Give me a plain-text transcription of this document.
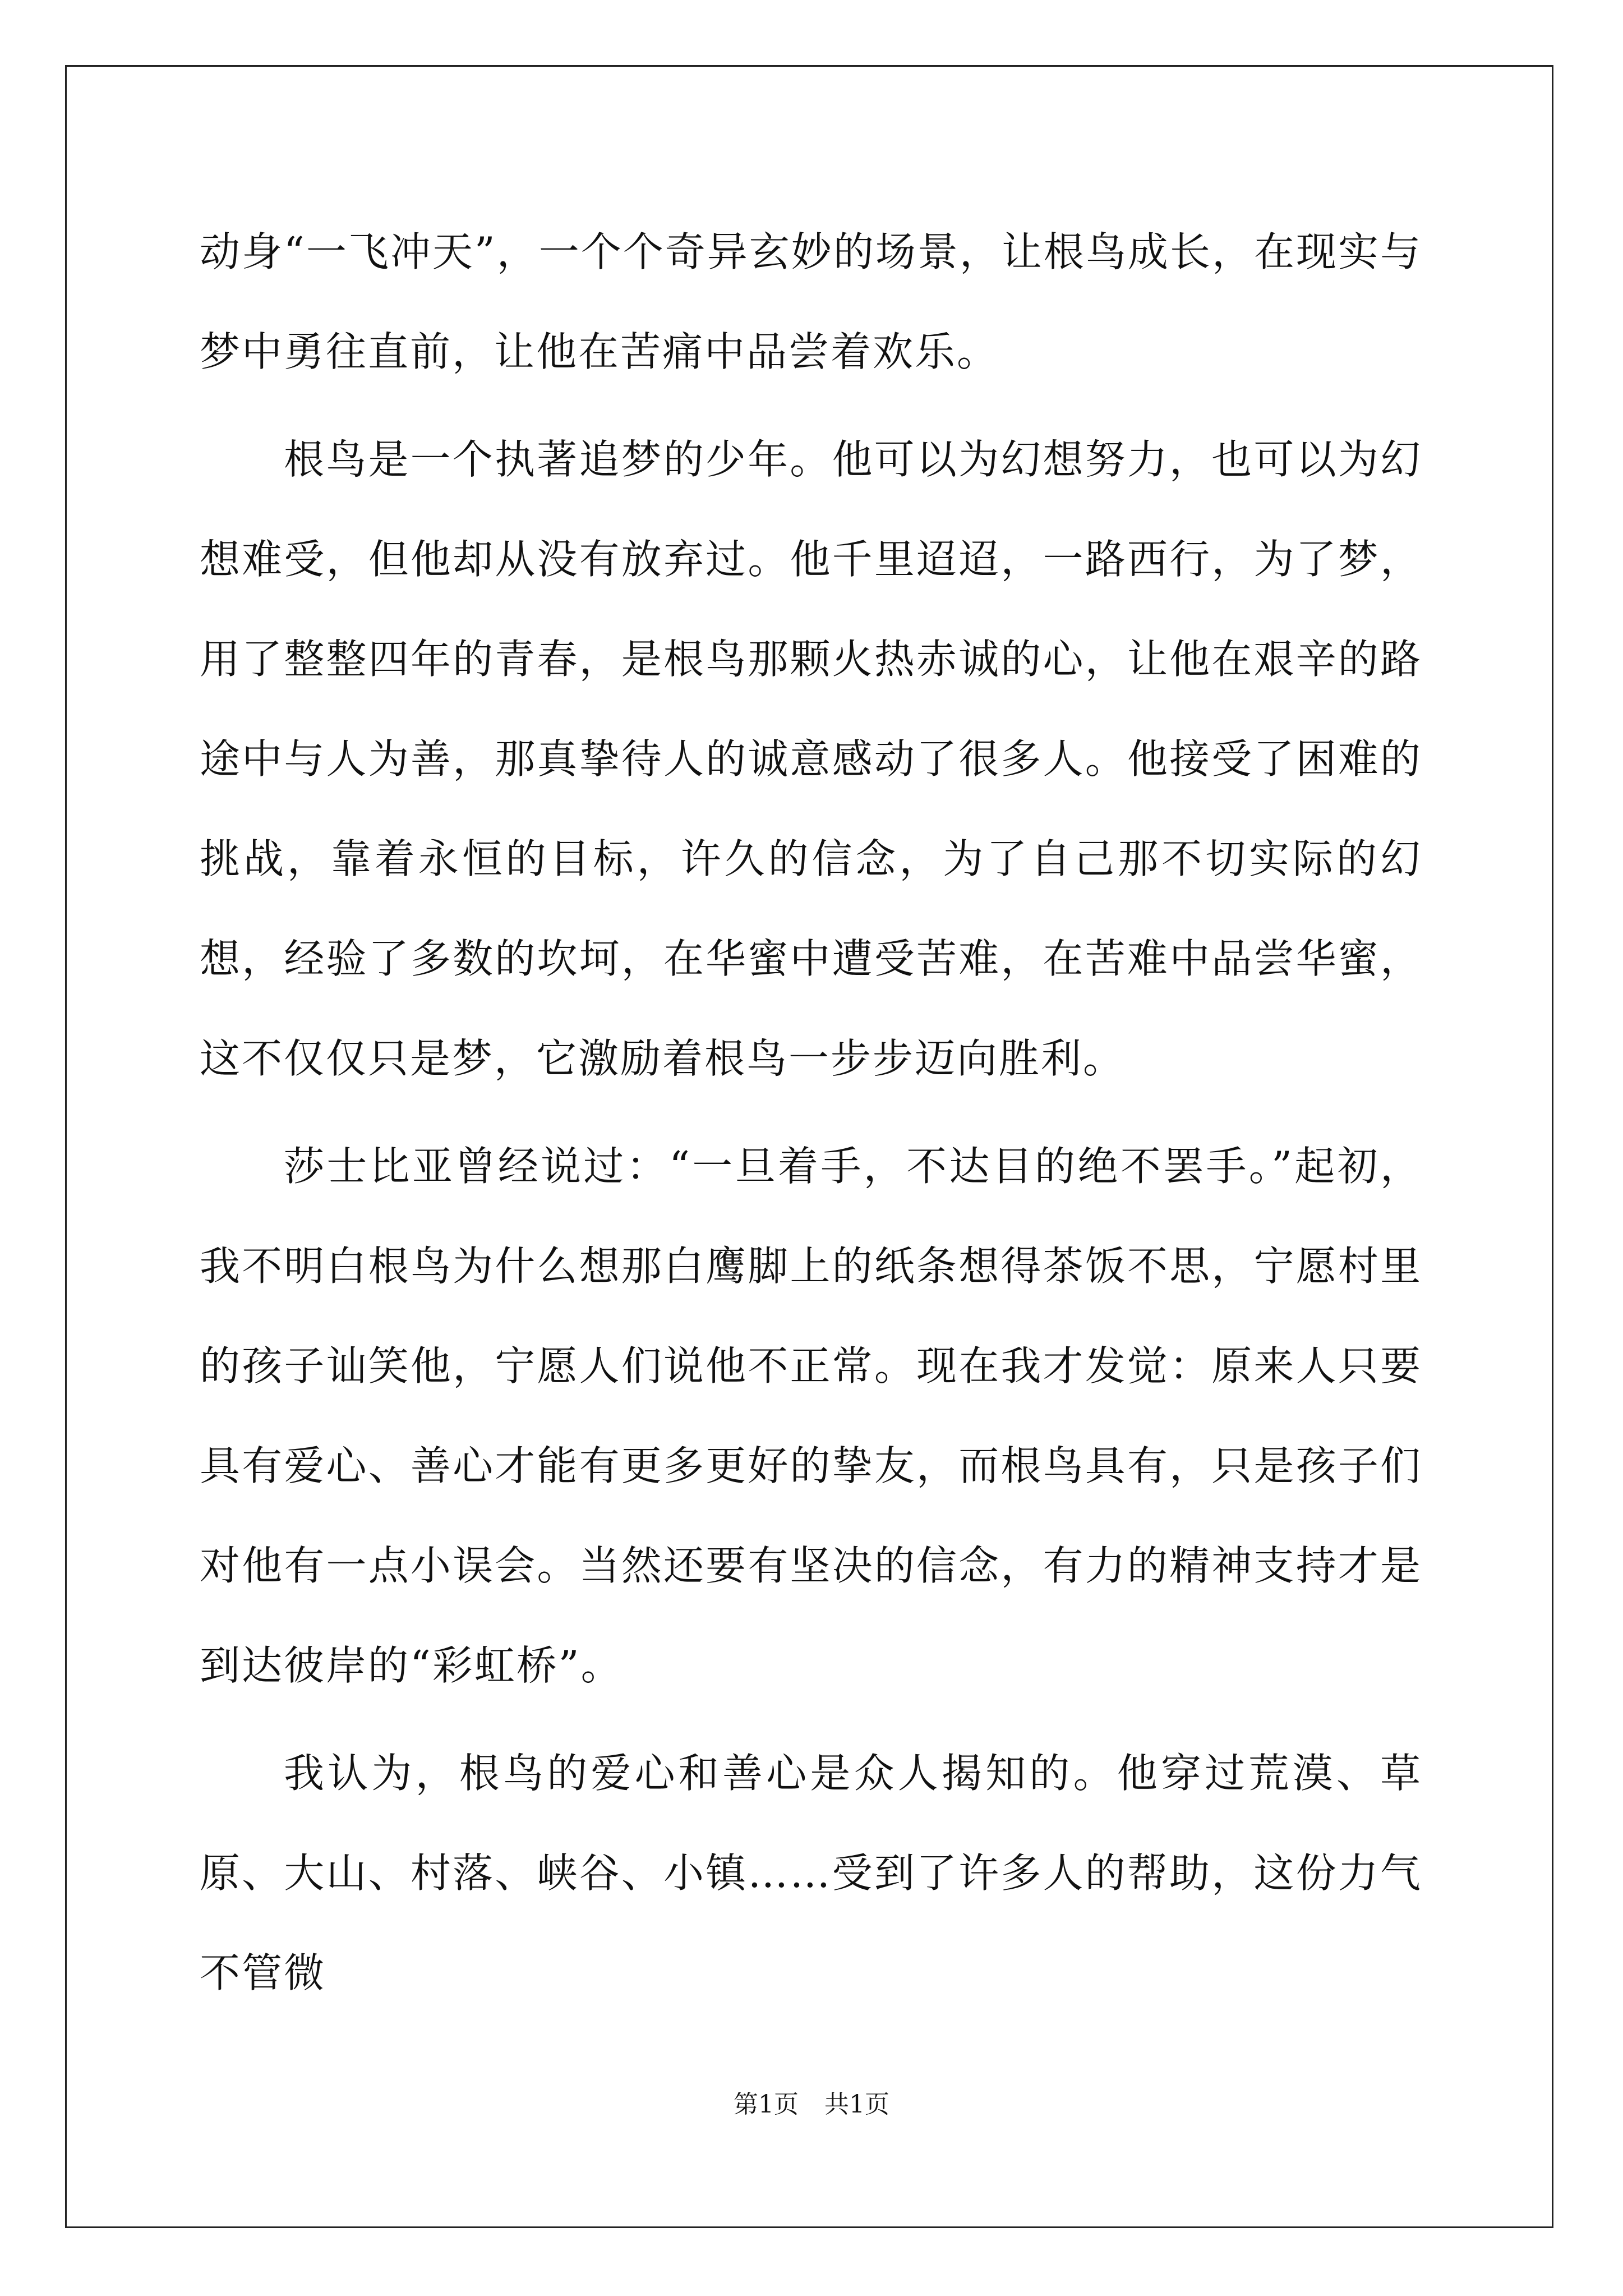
动身“一飞冲天”，一个个奇异玄妙的场景，让根鸟成长，在现实与梦中勇往直前，让他在苦痛中品尝着欢乐。

根鸟是一个执著追梦的少年。他可以为幻想努力，也可以为幻想难受，但他却从没有放弃过。他千里迢迢，一路西行，为了梦，用了整整四年的青春，是根鸟那颗火热赤诚的心，让他在艰辛的路途中与人为善，那真挚待人的诚意感动了很多人。他接受了困难的挑战，靠着永恒的目标，许久的信念，为了自己那不切实际的幻想，经验了多数的坎坷，在华蜜中遭受苦难，在苦难中品尝华蜜，这不仅仅只是梦，它激励着根鸟一步步迈向胜利。

莎士比亚曾经说过：“一旦着手，不达目的绝不罢手。”起初，我不明白根鸟为什么想那白鹰脚上的纸条想得茶饭不思，宁愿村里的孩子讪笑他，宁愿人们说他不正常。现在我才发觉：原来人只要具有爱心、善心才能有更多更好的挚友，而根鸟具有，只是孩子们对他有一点小误会。当然还要有坚决的信念，有力的精神支持才是到达彼岸的“彩虹桥”。

我认为，根鸟的爱心和善心是众人揭知的。他穿过荒漠、草原、大山、村落、峡谷、小镇……受到了许多人的帮助，这份力气不管微

第1页 共1页
